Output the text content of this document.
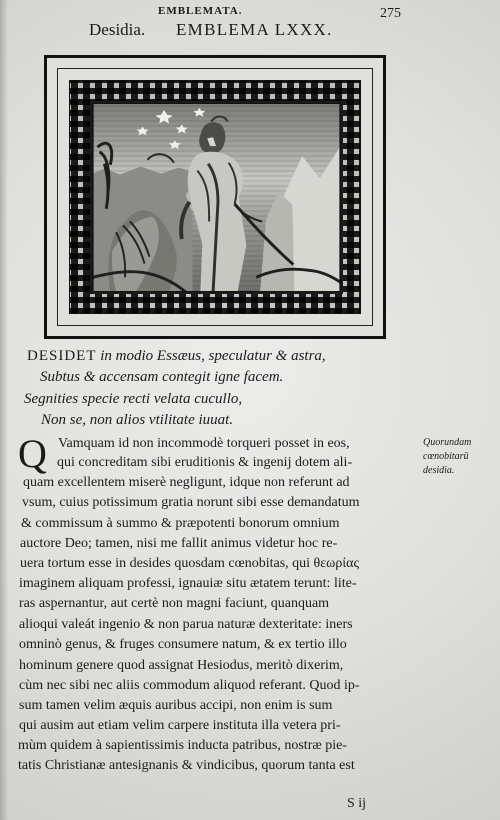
EMBLEMATA.
Desidia. EMBLEMA LXXX.
275
DESIDET in modio Essæus, speculatur & astra,
Subtus & accensam contegit igne facem.
Segnities specie recti velata cucullo,
Non se, non alios vtilitate iuuat.
Q Vamquam id non incommodè torqueri posset in eos,
qui concreditam sibi eruditionis & ingenij dotem ali-
quam excellentem miserè negligunt, idque non referunt ad
vsum, cuius potissimum gratia norunt sibi esse demandatum
& commissum à summo & præpotenti bonorum omnium
auctore Deo; tamen, nisi me fallit animus videtur hoc re-
uera tortum esse in desides quosdam cœnobitas, qui θεωρίας
imaginem aliquam professi, ignauiæ situ ætatem terunt: lite-
ras aspernantur, aut certè non magni faciunt, quanquam
alioqui valeát ingenio & non parua naturæ dexteritate: iners
omninò genus, & fruges consumere natum, & ex tertio illo
hominum genere quod assignat Hesiodus, meritò dixerim,
cùm nec sibi nec aliis commodum aliquod referant. Quod ip-
sum tamen velim æquis auribus accipi, non enim is sum
qui ausim aut etiam velim carpere instituta illa vetera pri-
mùm quidem à sapientissimis inducta patribus, nostræ pie-
tatis Christianæ antesignanis & vindicibus, quorum tanta est
Quorundam
cœnobitarū
desidia.
S ij
